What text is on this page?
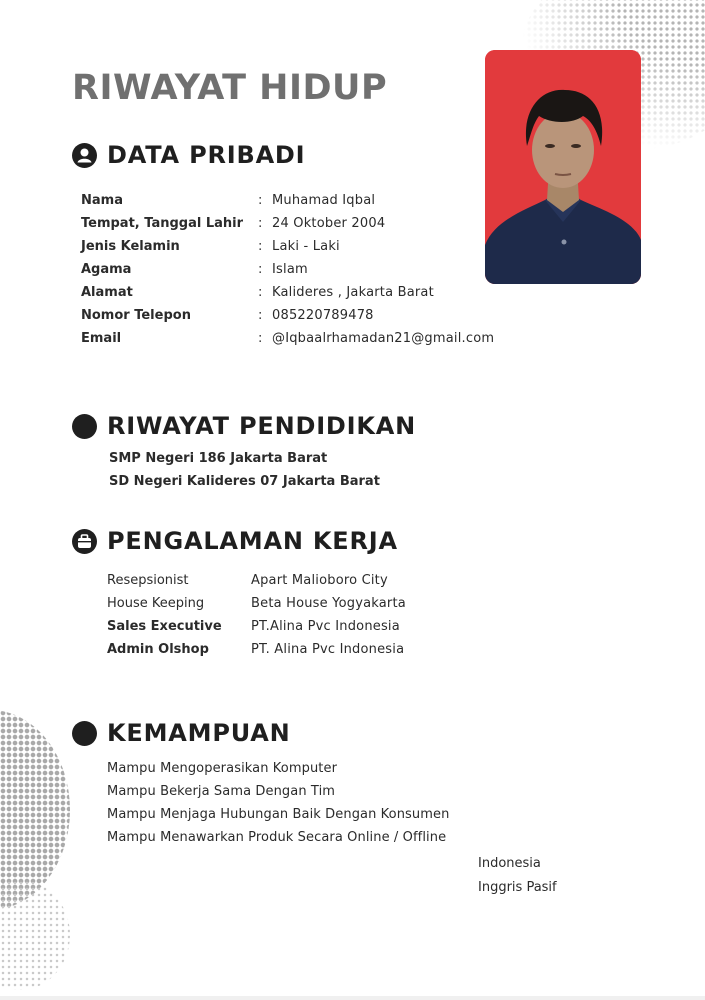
RIWAYAT HIDUP
DATA PRIBADI
Nama	: Muhamad Iqbal
Tempat, Tanggal Lahir	: 24 Oktober 2004
Jenis Kelamin	: Laki - Laki
Agama	: Islam
Alamat	: Kalideres , Jakarta Barat
Nomor Telepon	: 085220789478
Email	: @Iqbaalrhamadan21@gmail.com
RIWAYAT PENDIDIKAN
SMP Negeri 186 Jakarta Barat
SD Negeri Kalideres 07 Jakarta Barat
PENGALAMAN KERJA
Resepsionist	Apart Malioboro City
House Keeping	Beta House Yogyakarta
Sales Executive	PT.Alina Pvc Indonesia
Admin Olshop	PT. Alina Pvc Indonesia
KEMAMPUAN
Mampu Mengoperasikan Komputer
Mampu Bekerja Sama Dengan Tim
Mampu Menjaga Hubungan Baik Dengan Konsumen
Mampu Menawarkan Produk Secara Online / Offline
Indonesia
Inggris Pasif
